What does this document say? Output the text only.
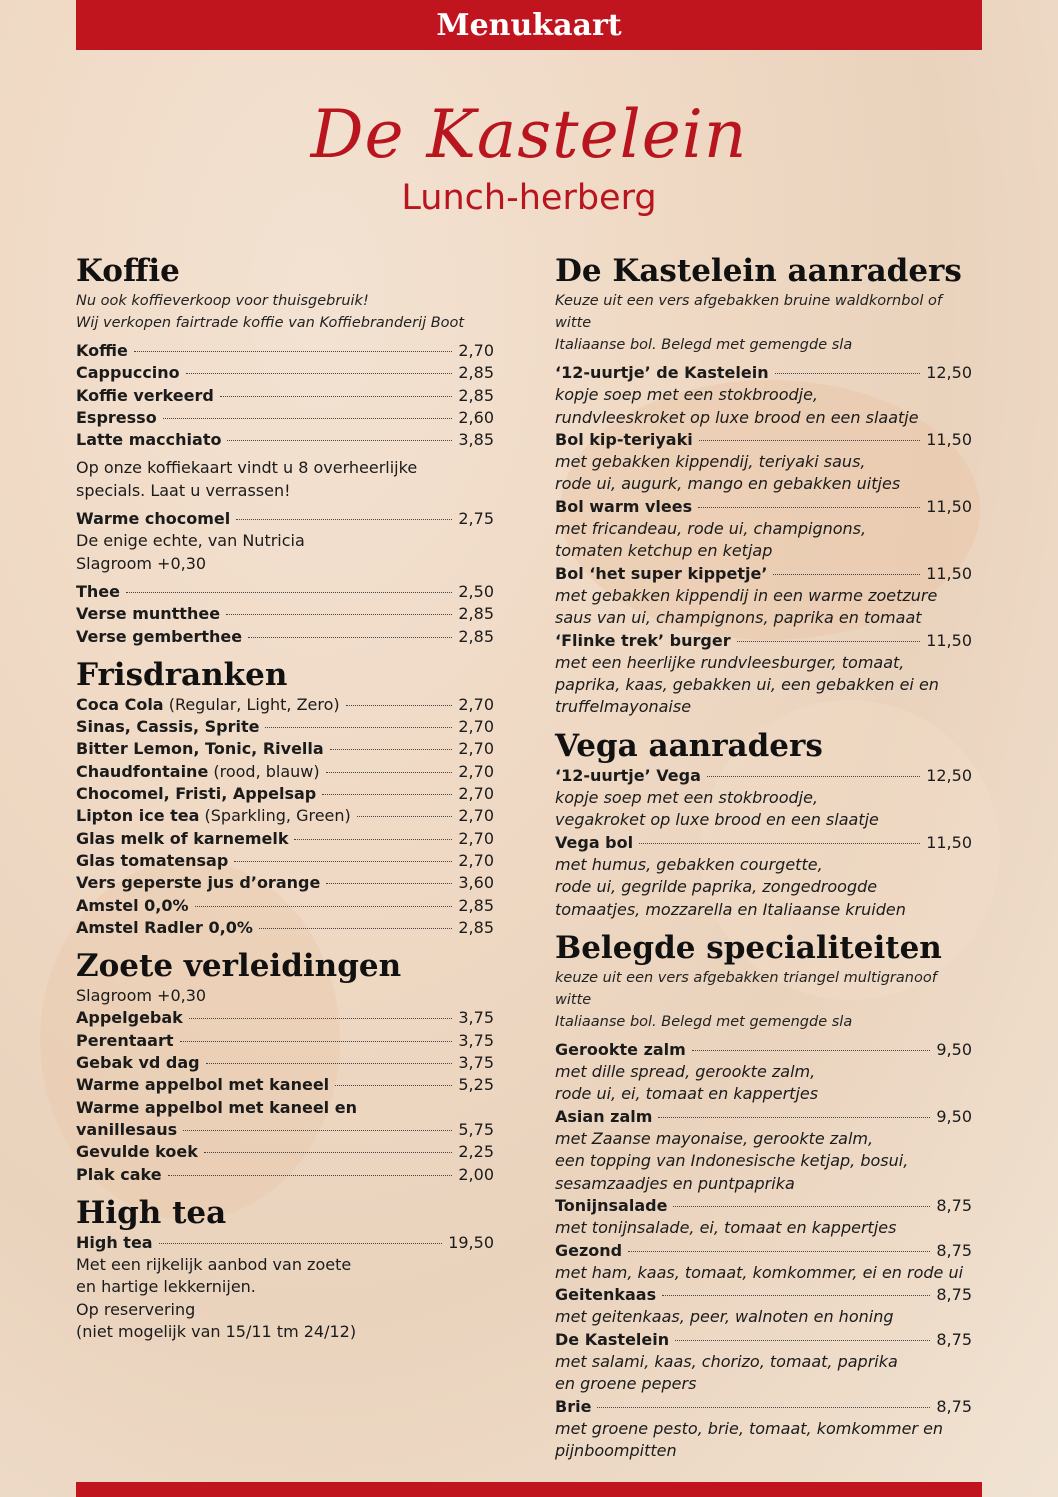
Menukaart
De Kastelein
Lunch-herberg
Koffie
Nu ook koffieverkoop voor thuisgebruik!
Wij verkopen fairtrade koffie van Koffiebranderij Boot
Koffie	2,70
Cappuccino	2,85
Koffie verkeerd	2,85
Espresso	2,60
Latte macchiato	3,85
Op onze koffiekaart vindt u 8 overheerlijke
specials. Laat u verrassen!
Warme chocomel	2,75
De enige echte, van Nutricia
Slagroom +0,30
Thee	2,50
Verse muntthee	2,85
Verse gemberthee	2,85
Frisdranken
Coca Cola (Regular, Light, Zero)	2,70
Sinas, Cassis, Sprite	2,70
Bitter Lemon, Tonic, Rivella	2,70
Chaudfontaine (rood, blauw)	2,70
Chocomel, Fristi, Appelsap	2,70
Lipton ice tea (Sparkling, Green)	2,70
Glas melk of karnemelk	2,70
Glas tomatensap	2,70
Vers geperste jus d’orange	3,60
Amstel 0,0%	2,85
Amstel Radler 0,0%	2,85
Zoete verleidingen
Slagroom +0,30
Appelgebak	3,75
Perentaart	3,75
Gebak vd dag	3,75
Warme appelbol met kaneel	5,25
Warme appelbol met kaneel en
vanillesaus	5,75
Gevulde koek	2,25
Plak cake	2,00
High tea
High tea	19,50
Met een rijkelijk aanbod van zoete
en hartige lekkernijen.
Op reservering
(niet mogelijk van 15/11 tm 24/12)
De Kastelein aanraders
Keuze uit een vers afgebakken bruine waldkornbol of witte
Italiaanse bol. Belegd met gemengde sla
‘12-uurtje’ de Kastelein	12,50
kopje soep met een stokbroodje,
rundvleeskroket op luxe brood en een slaatje
Bol kip-teriyaki	11,50
met gebakken kippendij, teriyaki saus,
rode ui, augurk, mango en gebakken uitjes
Bol warm vlees	11,50
met fricandeau, rode ui, champignons,
tomaten ketchup en ketjap
Bol ‘het super kippetje’	11,50
met gebakken kippendij in een warme zoetzure
saus van ui, champignons, paprika en tomaat
‘Flinke trek’ burger	11,50
met een heerlijke rundvleesburger, tomaat,
paprika, kaas, gebakken ui, een gebakken ei en
truffelmayonaise
Vega aanraders
‘12-uurtje’ Vega	12,50
kopje soep met een stokbroodje,
vegakroket op luxe brood en een slaatje
Vega bol	11,50
met humus, gebakken courgette,
rode ui, gegrilde paprika, zongedroogde
tomaatjes, mozzarella en Italiaanse kruiden
Belegde specialiteiten
keuze uit een vers afgebakken triangel multigranoof witte
Italiaanse bol. Belegd met gemengde sla
Gerookte zalm	9,50
met dille spread, gerookte zalm,
rode ui, ei, tomaat en kappertjes
Asian zalm	9,50
met Zaanse mayonaise, gerookte zalm,
een topping van Indonesische ketjap, bosui,
sesamzaadjes en puntpaprika
Tonijnsalade	8,75
met tonijnsalade, ei, tomaat en kappertjes
Gezond	8,75
met ham, kaas, tomaat, komkommer, ei en rode ui
Geitenkaas	8,75
met geitenkaas, peer, walnoten en honing
De Kastelein	8,75
met salami, kaas, chorizo, tomaat, paprika
en groene pepers
Brie	8,75
met groene pesto, brie, tomaat, komkommer en
pijnboompitten
